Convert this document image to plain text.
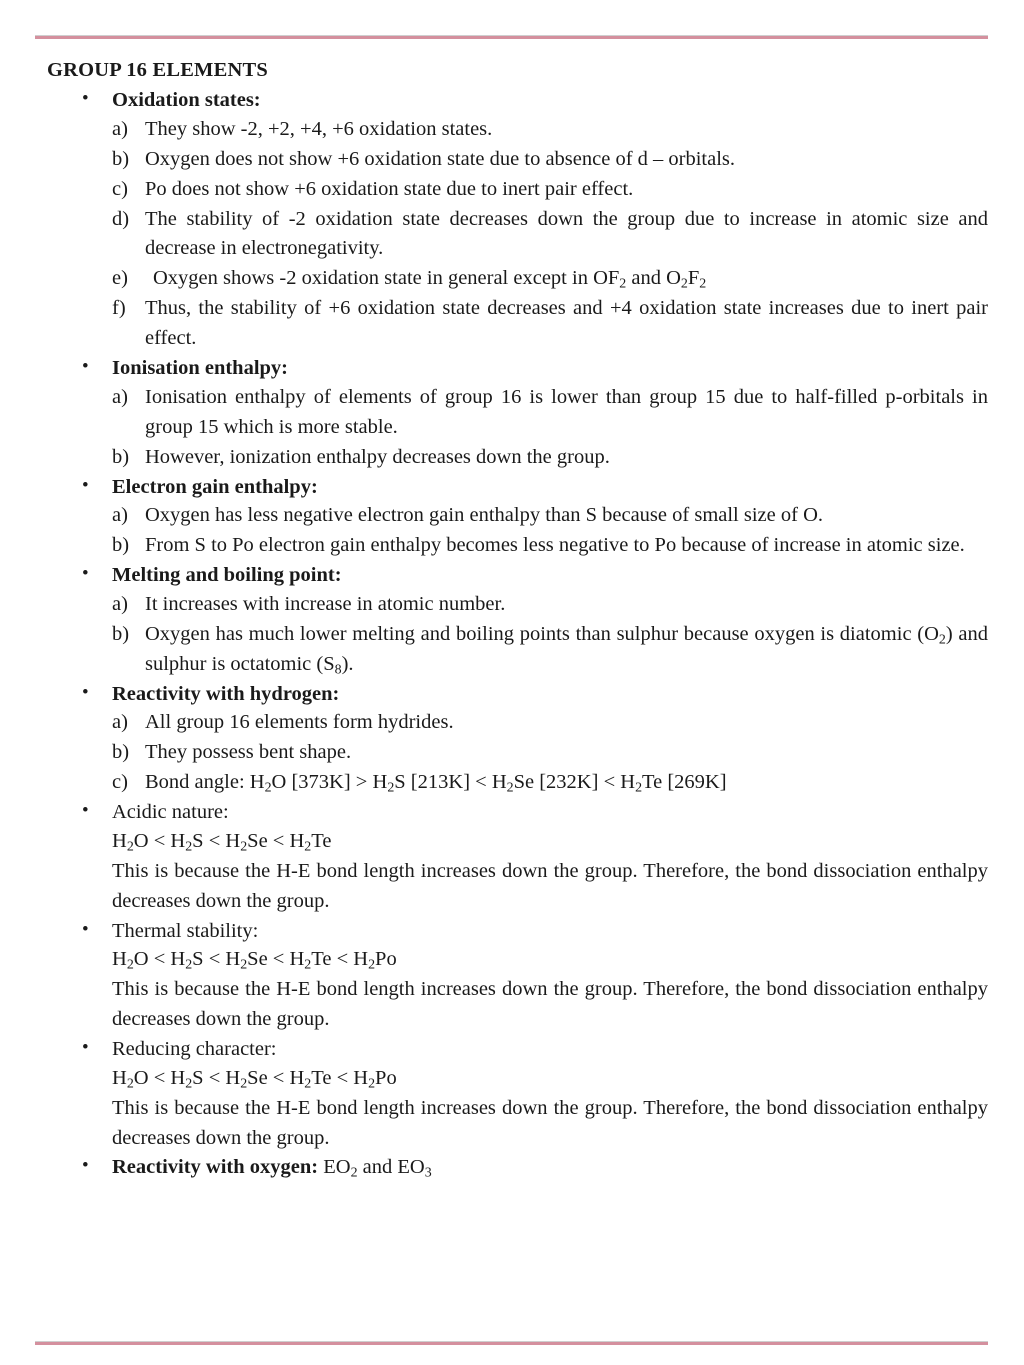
GROUP 16 ELEMENTS
•	Oxidation states:
a) They show -2, +2, +4, +6 oxidation states.
b) Oxygen does not show +6 oxidation state due to absence of d – orbitals.
c) Po does not show +6 oxidation state due to inert pair effect.
d) The stability of -2 oxidation state decreases down the group due to increase in atomic size and decrease in electronegativity.
e)	Oxygen shows -2 oxidation state in general except in $OF_2$ and $O_2F_2$
f) Thus, the stability of +6 oxidation state decreases and +4 oxidation state increases due to inert pair effect.
•	Ionisation enthalpy:
a) Ionisation enthalpy of elements of group 16 is lower than group 15 due to half-filled p-orbitals in group 15 which is more stable.
b) However, ionization enthalpy decreases down the group.
•	Electron gain enthalpy:
a) Oxygen has less negative electron gain enthalpy than S because of small size of O.
b) From S to Po electron gain enthalpy becomes less negative to Po because of increase in atomic size.
•	Melting and boiling point:
a) It increases with increase in atomic number.
b) Oxygen has much lower melting and boiling points than sulphur because oxygen is diatomic $(O_2)$ and sulphur is octatomic $(S_8)$.
•	Reactivity with hydrogen:
a) All group 16 elements form hydrides.
b) They possess bent shape.
c) Bond angle: $H_2O$ $[373K] > H_2S$ $[213K] < H_2Se$ $[232K] < H_2Te$ [269K]
•	Acidic nature:
$H_2O < H_2S < H_2Se < H_2Te$
This is because the H-E bond length increases down the group. Therefore, the bond dissociation enthalpy decreases down the group.
•	Thermal stability:
$H_2O < H_2S < H_2Se < H_2Te < H_2Po$
This is because the H-E bond length increases down the group. Therefore, the bond dissociation enthalpy decreases down the group.
•	Reducing character:
$H_2O < H_2S < H_2Se < H_2Te < H_2Po$
This is because the H-E bond length increases down the group. Therefore, the bond dissociation enthalpy decreases down the group.
•	Reactivity with oxygen: $EO_2$ and $EO_3$
